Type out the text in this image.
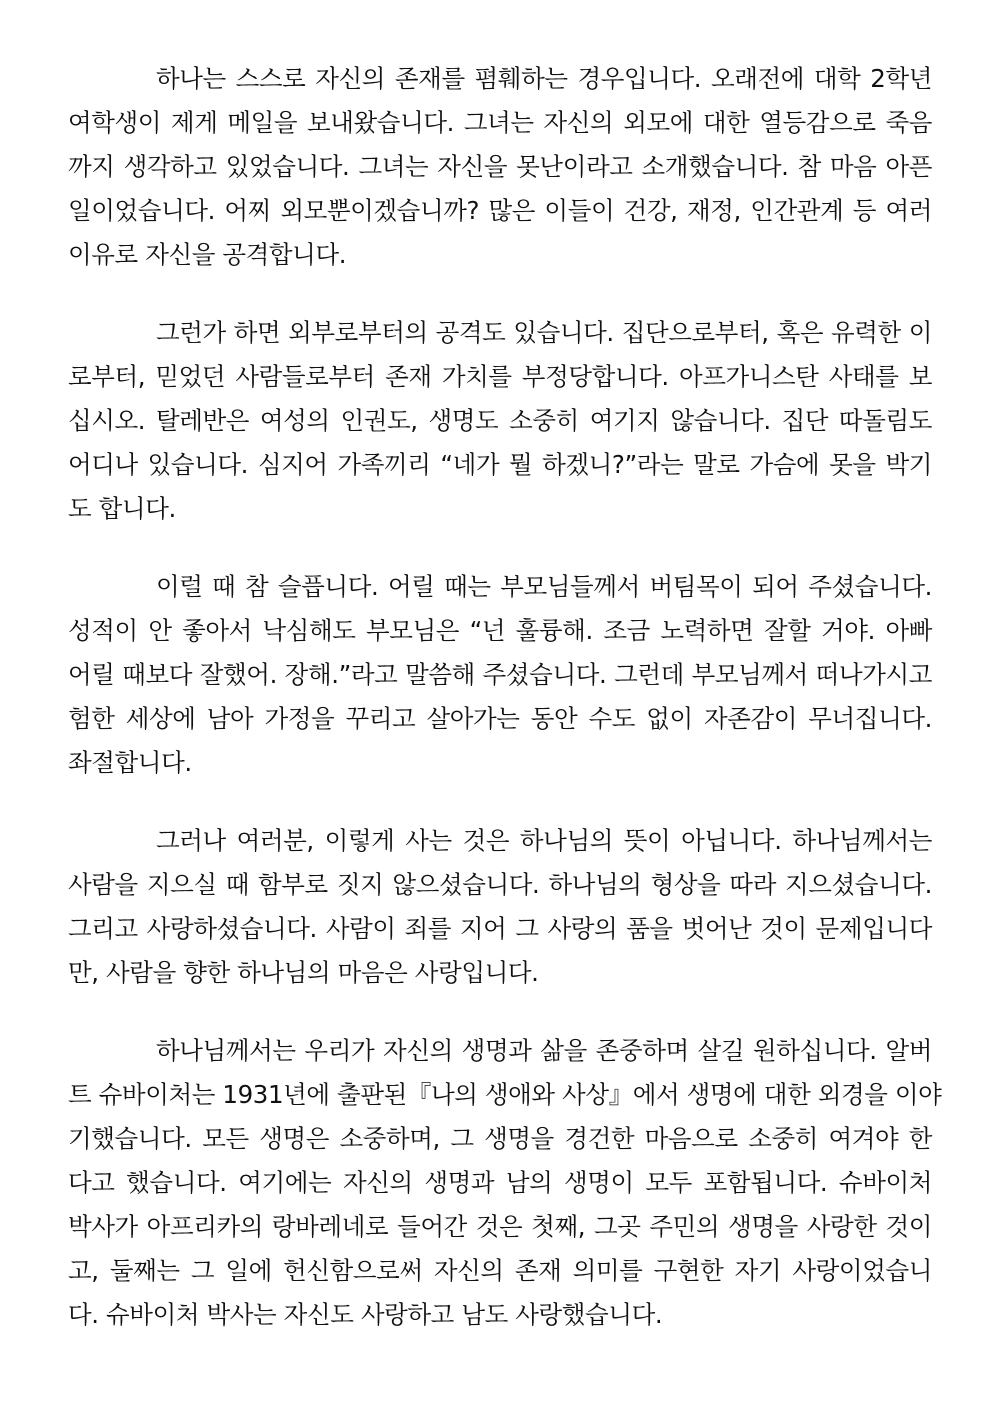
하나는 스스로 자신의 존재를 폄훼하는 경우입니다. 오래전에 대학 2학년
여학생이 제게 메일을 보내왔습니다. 그녀는 자신의 외모에 대한 열등감으로 죽음
까지 생각하고 있었습니다. 그녀는 자신을 못난이라고 소개했습니다. 참 마음 아픈
일이었습니다. 어찌 외모뿐이겠습니까? 많은 이들이 건강, 재정, 인간관계 등 여러
이유로 자신을 공격합니다.
그런가 하면 외부로부터의 공격도 있습니다. 집단으로부터, 혹은 유력한 이
로부터, 믿었던 사람들로부터 존재 가치를 부정당합니다. 아프가니스탄 사태를 보
십시오. 탈레반은 여성의 인권도, 생명도 소중히 여기지 않습니다. 집단 따돌림도
어디나 있습니다. 심지어 가족끼리 “네가 뭘 하겠니?”라는 말로 가슴에 못을 박기
도 합니다.
이럴 때 참 슬픕니다. 어릴 때는 부모님들께서 버팀목이 되어 주셨습니다.
성적이 안 좋아서 낙심해도 부모님은 “넌 훌륭해. 조금 노력하면 잘할 거야. 아빠
어릴 때보다 잘했어. 장해.”라고 말씀해 주셨습니다. 그런데 부모님께서 떠나가시고
험한 세상에 남아 가정을 꾸리고 살아가는 동안 수도 없이 자존감이 무너집니다.
좌절합니다.
그러나 여러분, 이렇게 사는 것은 하나님의 뜻이 아닙니다. 하나님께서는
사람을 지으실 때 함부로 짓지 않으셨습니다. 하나님의 형상을 따라 지으셨습니다.
그리고 사랑하셨습니다. 사람이 죄를 지어 그 사랑의 품을 벗어난 것이 문제입니다
만, 사람을 향한 하나님의 마음은 사랑입니다.
하나님께서는 우리가 자신의 생명과 삶을 존중하며 살길 원하십니다. 알버
트 슈바이처는 1931년에 출판된『나의 생애와 사상』에서 생명에 대한 외경을 이야
기했습니다. 모든 생명은 소중하며, 그 생명을 경건한 마음으로 소중히 여겨야 한
다고 했습니다. 여기에는 자신의 생명과 남의 생명이 모두 포함됩니다. 슈바이처
박사가 아프리카의 랑바레네로 들어간 것은 첫째, 그곳 주민의 생명을 사랑한 것이
고, 둘째는 그 일에 헌신함으로써 자신의 존재 의미를 구현한 자기 사랑이었습니
다. 슈바이처 박사는 자신도 사랑하고 남도 사랑했습니다.
